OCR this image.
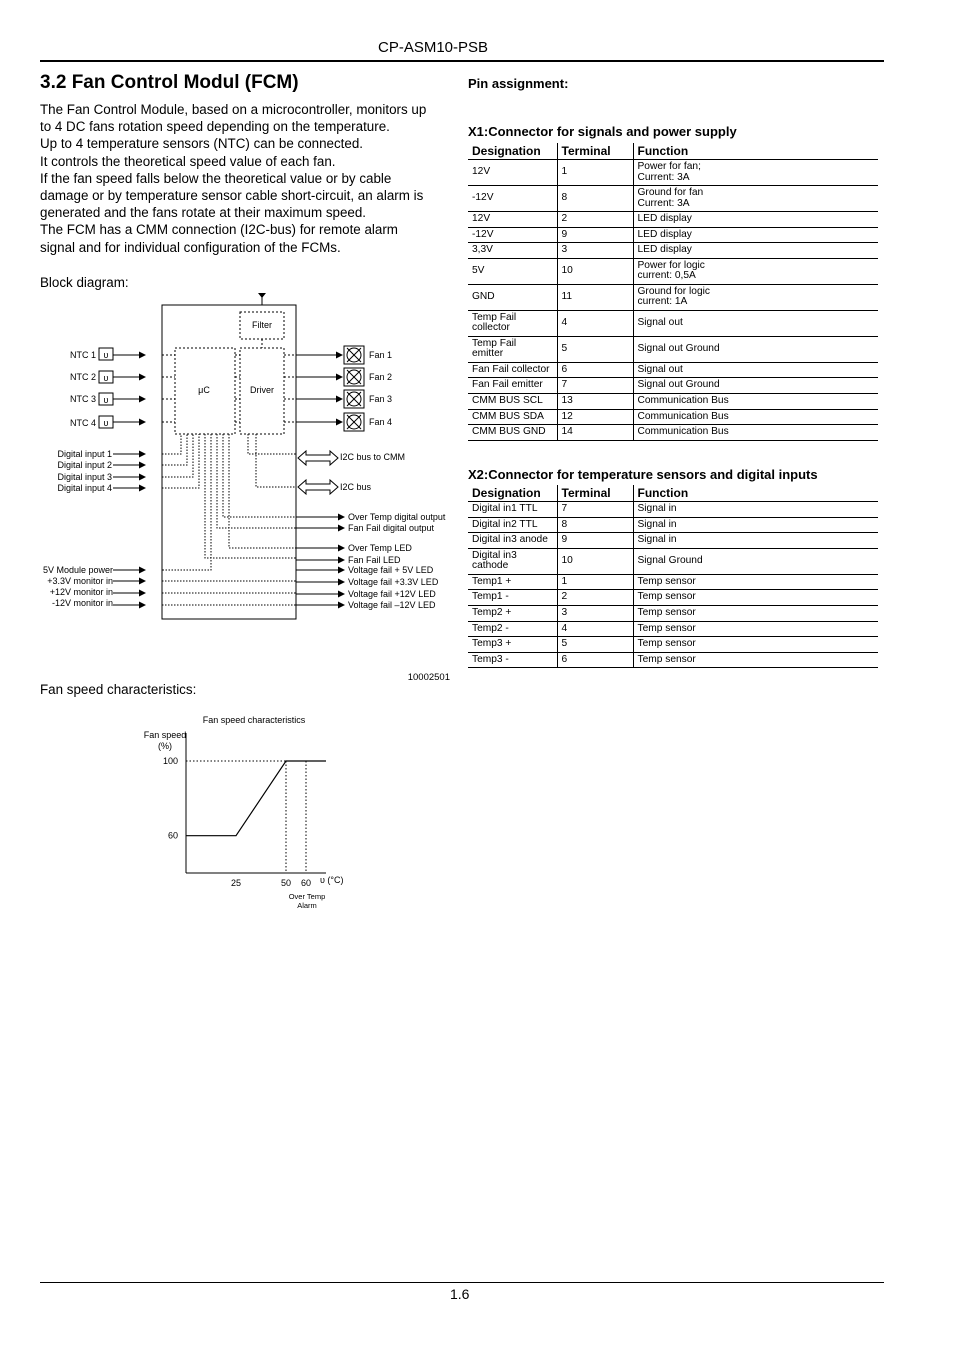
CP-ASM10-PSB
3.2 Fan Control Modul (FCM)
The Fan Control Module, based on a microcontroller, monitors up
to 4 DC fans rotation speed depending on the temperature.
Up to 4 temperature sensors (NTC) can be connected.
It controls the theoretical speed value of each fan.
If the fan speed falls below the theoretical value or by cable
damage or by temperature sensor cable short-circuit, an alarm is
generated and the fans rotate at their maximum speed.
The FCM has a CMM connection (I2C-bus) for remote alarm
signal and for individual configuration of the FCMs.
Block diagram:
Filter
μC	Driver
NTC 1 υ
NTC 2 υ
NTC 3 υ
NTC 4 υ
Fan 1
Fan 2
Fan 3
Fan 4
Digital input 1
Digital input 2
Digital input 3
Digital input 4
I2C bus to CMM
I2C bus
Over Temp digital output
Fan Fail digital output
Over Temp LED
Fan Fail LED
Voltage fail + 5V LED
Voltage fail +3.3V LED
Voltage fail +12V LED
Voltage fail –12V LED
5V Module power
+3.3V monitor in
+12V monitor in
-12V monitor in
10002501
Fan speed characteristics:
Fan speed characteristics
Fan speed
(%)
60
100
25	50 60 υ (°C)
Over Temp
Alarm
Pin assignment:
X1:Connector for signals and power supply
Designation	Terminal	Function
12V	1	Power for fan;
Current: 3A

-12V	8	Ground for fan
Current: 3A

12V	2	LED display

-12V	9	LED display

3,3V	3	LED display

5V	10	Power for logic
current: 0,5A

GND	11	Ground for logic
current: 1A

Temp Fail
collector	4	Signal out

Temp Fail
emitter	5	Signal out Ground

Fan Fail collector	6	Signal out

Fan Fail emitter	7	Signal out Ground

CMM BUS SCL	13	Communication Bus

CMM BUS SDA	12	Communication Bus

CMM BUS GND	14	Communication Bus
X2:Connector for temperature sensors and digital inputs
Designation	Terminal	Function
Digital in1 TTL	7	Signal in

Digital in2 TTL	8	Signal in

Digital in3 anode	9	Signal in

Digital in3
cathode	10	Signal Ground

Temp1 +	1	Temp sensor

Temp1 -	2	Temp sensor

Temp2 +	3	Temp sensor

Temp2 -	4	Temp sensor

Temp3 +	5	Temp sensor

Temp3 -	6	Temp sensor
1.6
